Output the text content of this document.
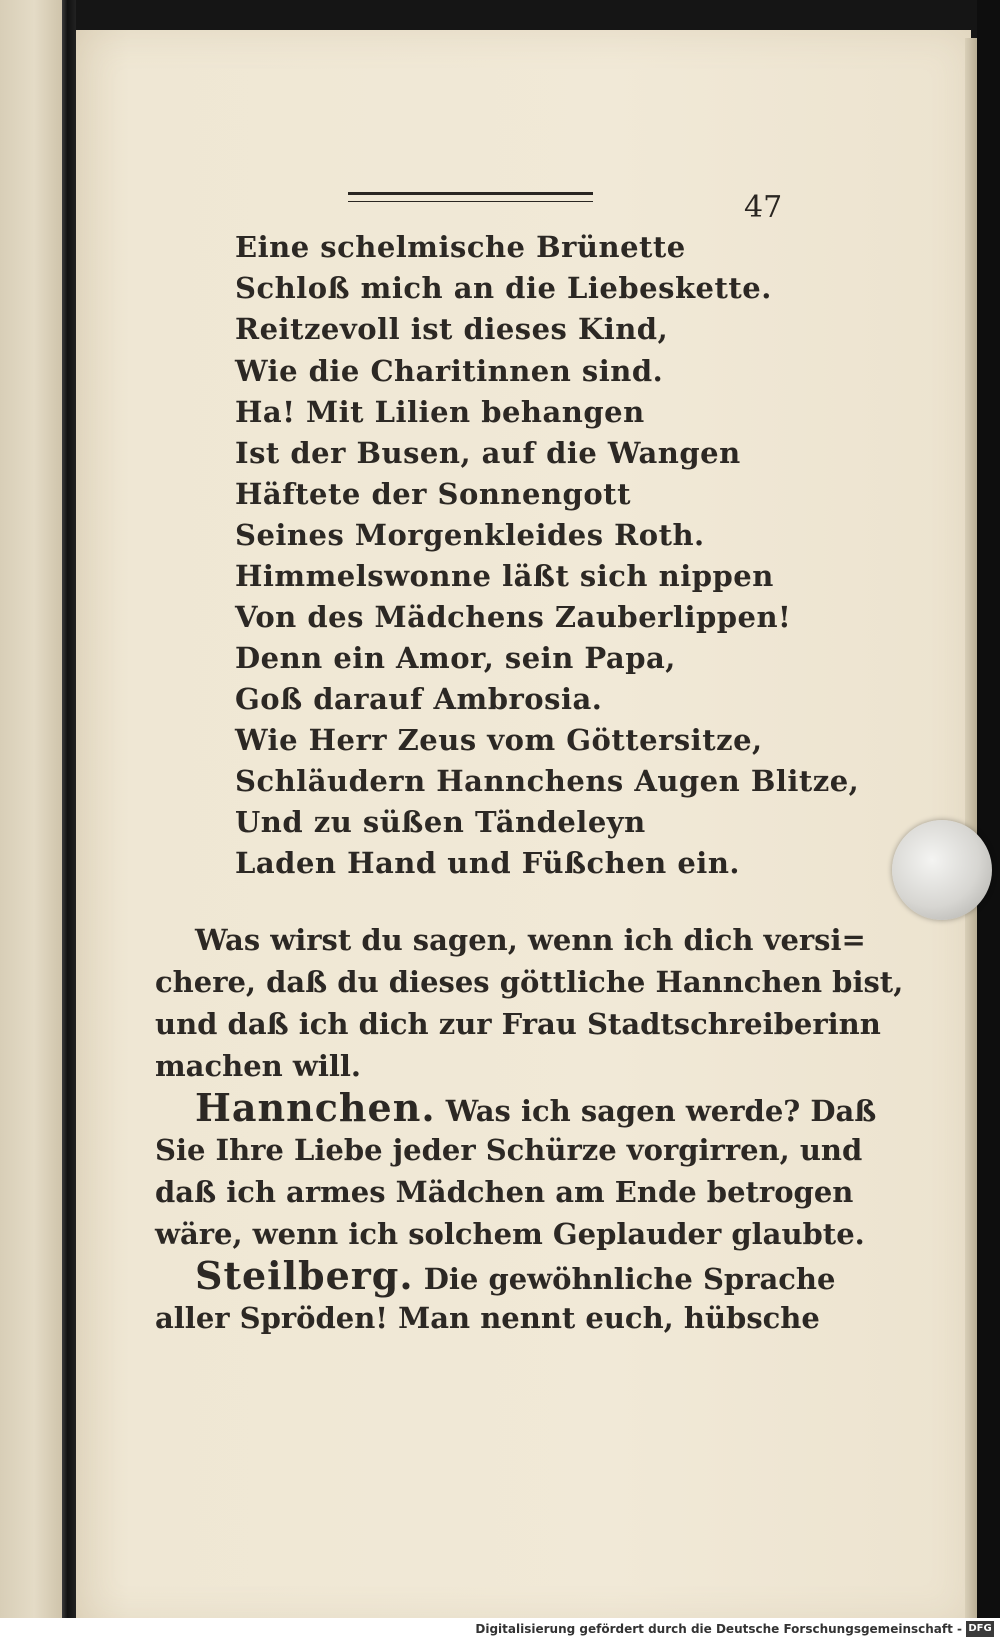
47
Eine schelmische Brünette
Schloß mich an die Liebeskette.
Reitzevoll ist dieses Kind,
Wie die Charitinnen sind.
Ha! Mit Lilien behangen
Ist der Busen, auf die Wangen
Häftete der Sonnengott
Seines Morgenkleides Roth.
Himmelswonne läßt sich nippen
Von des Mädchens Zauberlippen!
Denn ein Amor, sein Papa,
Goß darauf Ambrosia.
Wie Herr Zeus vom Göttersitze,
Schläudern Hannchens Augen Blitze,
Und zu süßen Tändeleyn
Laden Hand und Füßchen ein.
Was wirst du sagen, wenn ich dich versi=
chere, daß du dieses göttliche Hannchen bist,
und daß ich dich zur Frau Stadtschreiberinn
machen will.
Hannchen. Was ich sagen werde? Daß
Sie Ihre Liebe jeder Schürze vorgirren, und
daß ich armes Mädchen am Ende betrogen
wäre, wenn ich solchem Geplauder glaubte.
Steilberg. Die gewöhnliche Sprache
aller Spröden! Man nennt euch, hübsche
Digitalisierung gefördert durch die Deutsche Forschungsgemeinschaft - DFG
